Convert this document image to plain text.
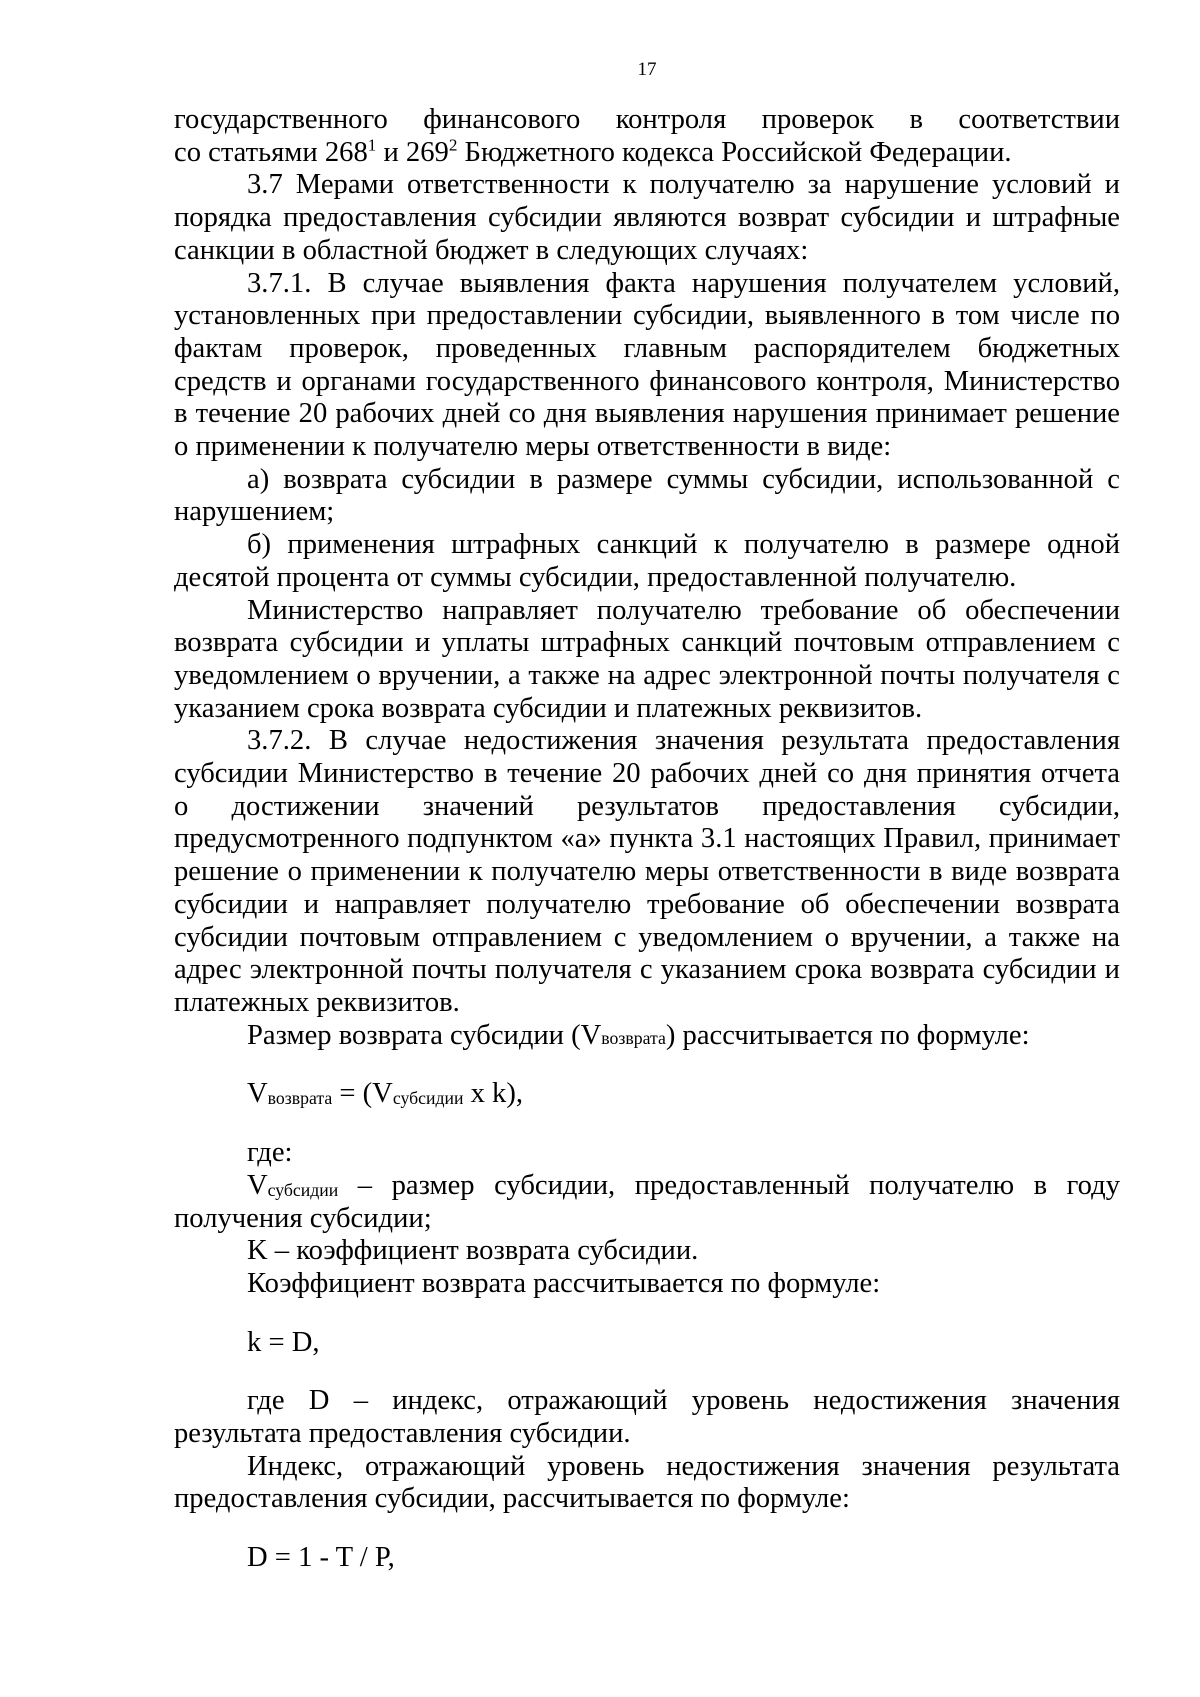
17

государственного финансового контроля проверок в соответствии

со статьями $268^1$ и $269^2$ Бюджетного кодекса Российской Федерации.

3.7 Мерами ответственности к получателю за нарушение условий и порядка предоставления субсидии являются возврат субсидии и штрафные санкции в областной бюджет в следующих случаях:

3.7.1. В случае выявления факта нарушения получателем условий, установленных при предоставлении субсидии, выявленного в том числе по фактам проверок, проведенных главным распорядителем бюджетных средств и органами государственного финансового контроля, Министерство в течение 20 рабочих дней со дня выявления нарушения принимает решение о применении к получателю меры ответственности в виде:

а) возврата субсидии в размере суммы субсидии, использованной с нарушением;

б) применения штрафных санкций к получателю в размере одной десятой процента от суммы субсидии, предоставленной получателю.

Министерство направляет получателю требование об обеспечении возврата субсидии и уплаты штрафных санкций почтовым отправлением с уведомлением о вручении, а также на адрес электронной почты получателя с указанием срока возврата субсидии и платежных реквизитов.

3.7.2. В случае недостижения значения результата предоставления

субсидии Министерство в течение 20 рабочих дней со дня принятия отчета

о достижении значений результатов предоставления субсидии,

предусмотренного подпунктом «а» пункта 3.1 настоящих Правил, принимает решение о применении к получателю меры ответственности в виде возврата субсидии и направляет получателю требование об обеспечении возврата субсидии почтовым отправлением с уведомлением о вручении, а также на адрес электронной почты получателя с указанием срока возврата субсидии и платежных реквизитов.

Размер возврата субсидии (Vвозврата) рассчитывается по формуле:

Vвозврата = (Vсубсидии x k),

где:

Vсубсидии – размер субсидии, предоставленный получателю в году получения субсидии;

K – коэффициент возврата субсидии.

Коэффициент возврата рассчитывается по формуле:

k = D,

где D – индекс, отражающий уровень недостижения значения результата предоставления субсидии.

Индекс, отражающий уровень недостижения значения результата предоставления субсидии, рассчитывается по формуле:

D = 1 - T / P,
